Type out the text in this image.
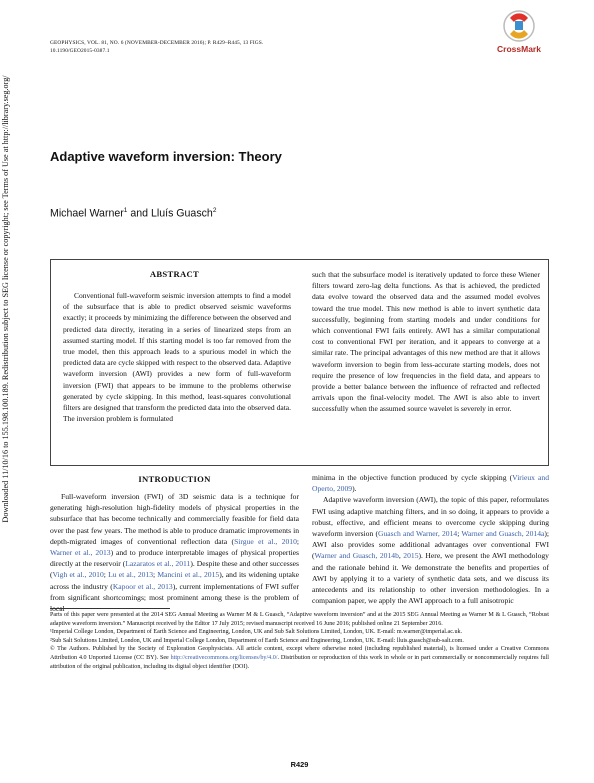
GEOPHYSICS, VOL. 81, NO. 6 (NOVEMBER-DECEMBER 2016); P. R429–R445, 13 FIGS.
10.1190/GEO2015-0387.1	CrossMark
Downloaded 11/10/16 to 155.198.100.189. Redistribution subject to SEG license or copyright; see Terms of Use at http://library.seg.org/	Adaptive waveform inversion: Theory
Michael Warner$^1$ and Lluís Guasch$^2$
ABSTRACT
Conventional full-waveform seismic inversion attempts to find a model of the subsurface that is able to predict observed seismic waveforms exactly; it proceeds by minimizing the difference between the observed and predicted data directly, iterating in a series of linearized steps from an assumed starting model. If this starting model is too far removed from the true model, then this approach leads to a spurious model in which the predicted data are cycle skipped with respect to the observed data. Adaptive waveform inversion (AWI) provides a new form of full-waveform inversion (FWI) that appears to be immune to the problems otherwise generated by cycle skipping. In this method, least-squares convolutional filters are designed that transform the predicted data into the observed data. The inversion problem is formulated
such that the subsurface model is iteratively updated to force these Wiener filters toward zero-lag delta functions. As that is achieved, the predicted data evolve toward the observed data and the assumed model evolves toward the true model. This new method is able to invert synthetic data successfully, beginning from starting models and under conditions for which conventional FWI fails entirely. AWI has a similar computational cost to conventional FWI per iteration, and it appears to converge at a similar rate. The principal advantages of this new method are that it allows waveform inversion to begin from less-accurate starting models, does not require the presence of low frequencies in the field data, and appears to provide a better balance between the influence of refracted and reflected arrivals upon the final-velocity model. The AWI is also able to invert successfully when the assumed source wavelet is severely in error.
INTRODUCTION
Full-waveform inversion (FWI) of 3D seismic data is a technique for generating high-resolution high-fidelity models of physical properties in the subsurface that has become technically and commercially feasible for field data over the past few years. The method is able to produce dramatic improvements in depth-migrated images of conventional reflection data (Sirgue et al., 2010; Warner et al., 2013) and to produce interpretable images of physical properties directly at the reservoir (Lazaratos et al., 2011). Despite these and other successes (Vigh et al., 2010; Lu et al., 2013; Mancini et al., 2015), and its widening uptake across the industry (Kapoor et al., 2013), current implementations of FWI suffer from significant shortcomings; most prominent among these is the problem of local

minima in the objective function produced by cycle skipping (Virieux and Operto, 2009).

Adaptive waveform inversion (AWI), the topic of this paper, reformulates FWI using adaptive matching filters, and in so doing, it appears to provide a robust, effective, and efficient means to overcome cycle skipping during waveform inversion (Guasch and Warner, 2014; Warner and Guasch, 2014a); AWI also provides some additional advantages over conventional FWI (Warner and Guasch, 2014b, 2015). Here, we present the AWI methodology and the rationale behind it. We demonstrate the benefits and properties of AWI by applying it to a variety of synthetic data sets, and we discuss its antecedents and its relationship to other inversion methodologies. In a companion paper, we apply the AWI approach to a full anisotropic

Parts of this paper were presented at the 2014 SEG Annual Meeting as Warner M & L Guasch, “Adaptive waveform inversion” and at the 2015 SEG Annual Meeting as Warner M & L Guasch, “Robust adaptive waveform inversion.” Manuscript received by the Editor 17 July 2015; revised manuscript received 16 June 2016; published online 21 September 2016.

¹Imperial College London, Department of Earth Science and Engineering, London, UK and Sub Salt Solutions Limited, London, UK. E-mail: m.warner@imperial.ac.uk.

²Sub Salt Solutions Limited, London, UK and Imperial College London, Department of Earth Science and Engineering, London, UK. E-mail: lluis.guasch@sub-salt.com.

© The Authors. Published by the Society of Exploration Geophysicists. All article content, except where otherwise noted (including republished material), is licensed under a Creative Commons Attribution 4.0 Unported License (CC BY). See http://creativecommons.org/licenses/by/4.0/. Distribution or reproduction of this work in whole or in part commercially or noncommercially requires full attribution of the original publication, including its digital object identifier (DOI).

R429
